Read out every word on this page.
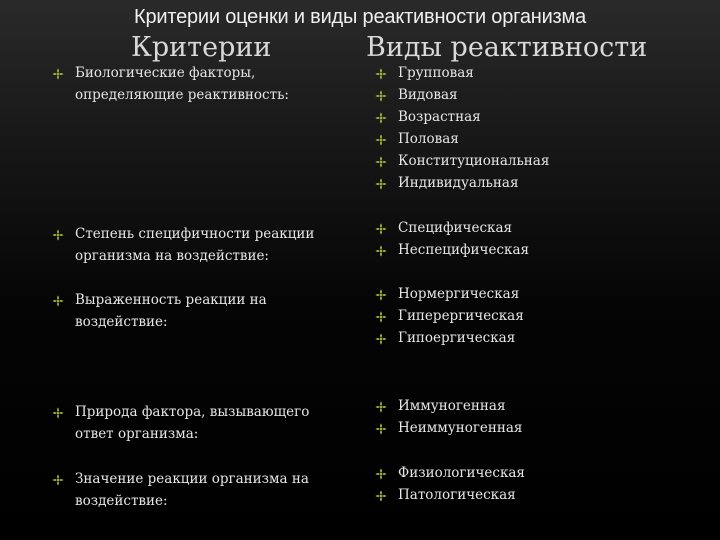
Критерии оценки и виды реактивности организма
Критерии	Виды реактивности
Биологические факторы,
определяющие реактивность:
Групповая
Видовая
Возрастная
Половая
Конституциональная
Индивидуальная
Степень специфичности реакции
организма на воздействие:
Специфическая
Неспецифическая
Выраженность реакции на
воздействие:
Нормергическая
Гиперергическая
Гипоергическая
Природа фактора, вызывающего
ответ организма:
Иммуногенная
Неиммуногенная
Значение реакции организма на
воздействие:
Физиологическая
Патологическая
